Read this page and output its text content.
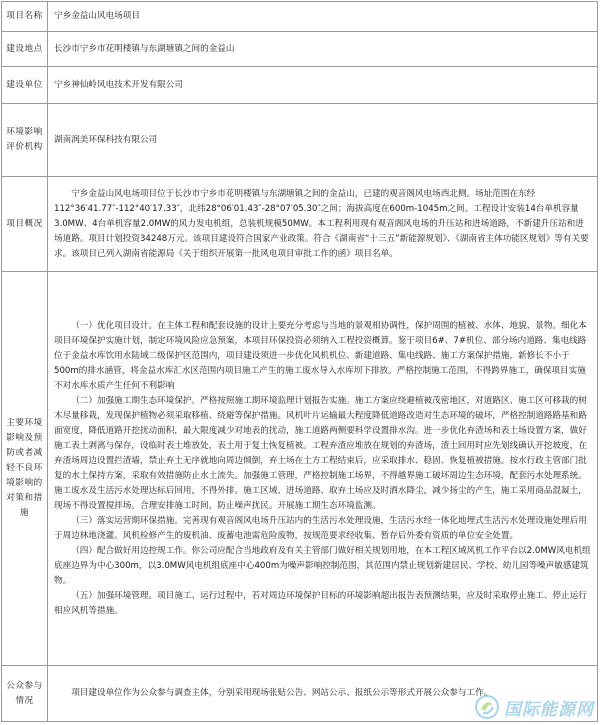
项目名称	宁乡金益山风电场项目
建设地点	长沙市宁乡市花明楼镇与东湖塘镇之间的金益山
建设单位	宁乡神仙岭风电技术开发有限公司
环境影响评价机构	湖南润美环保科技有限公司
项目概况	宁乡金益山风电场项目位于长沙市宁乡市花明楼镇与东湖塘镇之间的金益山，已建的观音阁风电场西北侧。场址范围在东经112°36′41.77″-112°40′17.33″，北纬28°06′01.43″-28°07′05.30″之间；海拔高度在600m-1045m之间。工程设计安装14台单机容量3.0MW、4台单机容量2.0MW的风力发电机组，总装机规模50MW。本工程利用现有观音阁风电场的升压站和进场道路，不新建升压站和进场道路。项目计划投资34248万元。该项目建设符合国家产业政策。符合《湖南省“十三五”新能源规划》、《湖南省主体功能区规划》等有关要求。该项目已列入湖南省能源局《关于组织开展第一批风电项目审批工作的函》项目名单。

主要环境影响及预防或者减轻不良环境影响的对策和措施	（一）优化项目设计。在主体工程和配套设施的设计上要充分考虑与当地的景观相协调性，保护周围的植被、水体、地貌、景物。细化本项目环境保护实施计划，制定环境风险应急预案，本项目环保投资必须纳入工程投资概算。鉴于项目6#、7#机位、部分场内道路、集电线路位于金益水库饮用水陆域二级保护区范围内，项目建设须进一步优化风机机位、新建道路、集电线路、施工方案保护措施，新修长不小于500m的排水涵管，将金益水库汇水区范围内项目施工产生的施工废水导入水库坝下排放。严格控制施工范围，不得跨界施工，确保项目实施不对水库水质产生任何不利影响

（二）加强施工期生态环境保护。严格按照施工期环境监理计划报告实施。施工方案应绕避植被茂密地区，对道路区、施工区可移栽的树木尽量移栽，发现保护植物必须采取移植、绕避等保护措施。风机叶片运输最大程度降低道路改造对生态环境的破坏，严格控制道路路基和路面宽度，降低道路开挖扰动面积，最大限度减少对地表的扰动，施工道路两侧要科学设置排水沟。进一步优化弃渣场和表土场设置方案，做好施工表土剥离与保存，设临时表土堆放处，表土用于复土恢复植被。工程弃渣应堆放在规划的弃渣场，渣土回用时应先划线确认开挖坡度，在弃渣场周边设置拦渣墙，禁止弃土无序就地向周边倾倒，弃土场在土方工程结束后，应采取排水、稳固、恢复植被措施。按水行政主管部门批复的水土保持方案，采取有效措施防止水土流失。加强施工管理，严格控制施工场界，不得越界施工破坏周边生态环境，配套污水处理系统。施工废水及生活污水处理达标后回用，不得外排。施工区域、进场道路、取弃土场应及时洒水降尘，减少扬尘的产生，施工采用商品混凝土，现场不得设置搅拌场。合理安排施工时间，防止噪声扰民。开展施工期生态环境监测。

（三）落实运营期环保措施。完善现有观音阁风电场升压站内的生活污水处理设施，生活污水经一体化地埋式生活污水处理设施处理后用于周边林地浇灌。风机检修产生的废机油、废蓄电池需危险废物，按规范要求经收集、暂存后外委有资质的单位安全处置。

（四）配合做好用边控规工作。你公司应配合当地政府及有关主管部门做好相关规划用地，在本工程区域风机工作平台以2.0MW风电机组底座边界为中心300m，以3.0MW风电机组底座中心400m为噪声影响控制范围，其范围内禁止规划新建居民、学校、幼儿园等噪声敏感建筑物。

（五）加强环境管理。项目施工、运行过程中，若对周边环境保护目标的环境影响超出报告表预测结果，应及时采取停止施工、停止运行相应风机等措施。

公众参与情况	项目建设单位作为公众参与调查主体，分别采用现场张贴公告、网站公示、报纸公示等形式开展公众参与工作。

国际能源网
